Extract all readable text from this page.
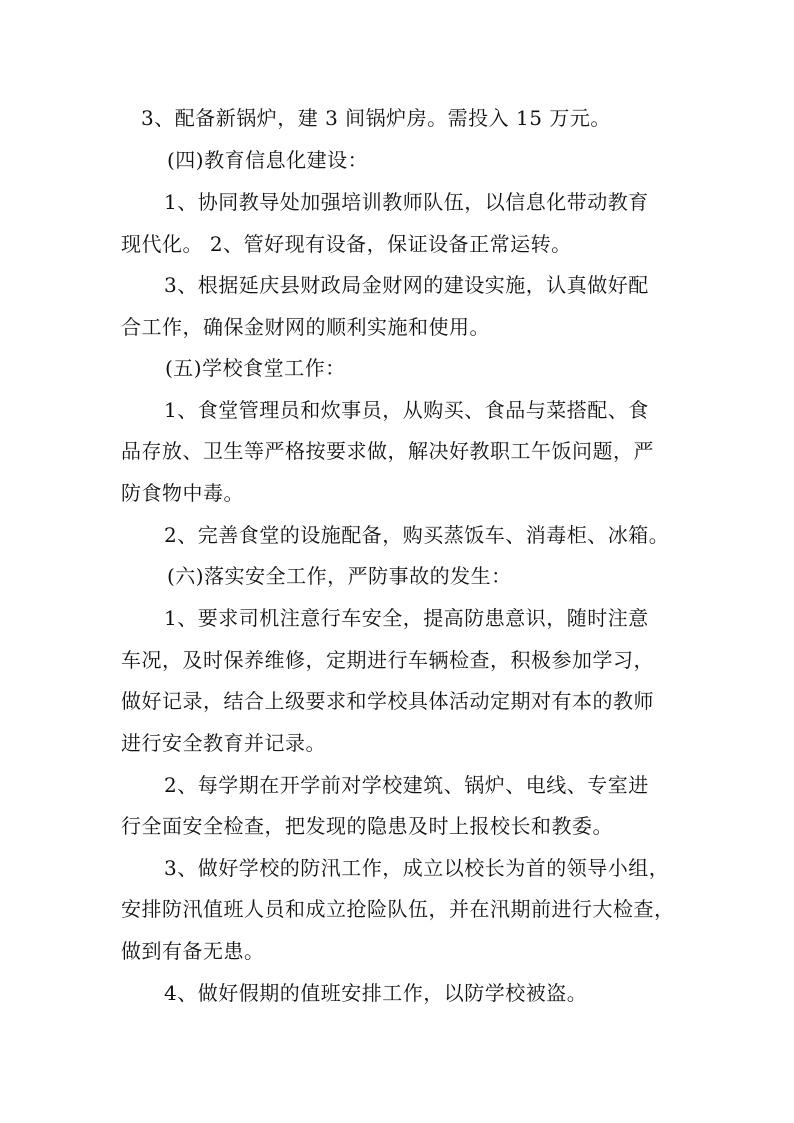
3、配备新锅炉，建 3 间锅炉房。需投入 15 万元。
(四)教育信息化建设：
1、协同教导处加强培训教师队伍，以信息化带动教育
现代化。 2、管好现有设备，保证设备正常运转。
3、根据延庆县财政局金财网的建设实施，认真做好配
合工作，确保金财网的顺利实施和使用。
(五)学校食堂工作：
1、食堂管理员和炊事员，从购买、食品与菜搭配、食
品存放、卫生等严格按要求做，解决好教职工午饭问题，严
防食物中毒。
2、完善食堂的设施配备，购买蒸饭车、消毒柜、冰箱。
(六)落实安全工作，严防事故的发生：
1、要求司机注意行车安全，提高防患意识，随时注意
车况，及时保养维修，定期进行车辆检查，积极参加学习，
做好记录，结合上级要求和学校具体活动定期对有本的教师
进行安全教育并记录。
2、每学期在开学前对学校建筑、锅炉、电线、专室进
行全面安全检查，把发现的隐患及时上报校长和教委。
3、做好学校的防汛工作，成立以校长为首的领导小组，
安排防汛值班人员和成立抢险队伍，并在汛期前进行大检查，
做到有备无患。
4、做好假期的值班安排工作，以防学校被盗。
